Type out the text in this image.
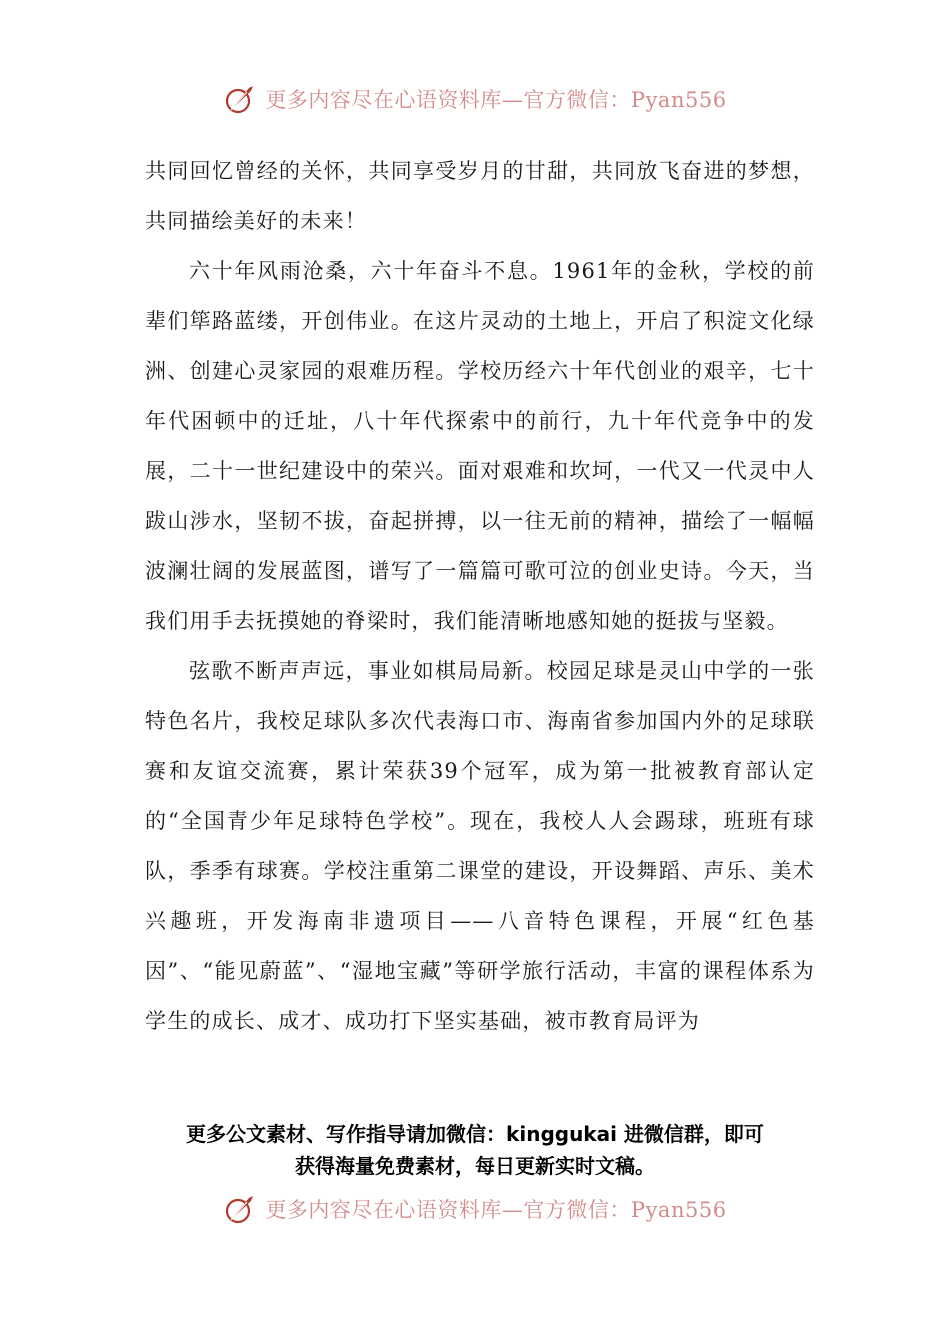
更多内容尽在心语资料库—官方微信：Pyan556

共同回忆曾经的关怀，共同享受岁月的甘甜，共同放飞奋进的梦想，共同描绘美好的未来！

六十年风雨沧桑，六十年奋斗不息。1961年的金秋，学校的前辈们筚路蓝缕，开创伟业。在这片灵动的土地上，开启了积淀文化绿洲、创建心灵家园的艰难历程。学校历经六十年代创业的艰辛，七十年代困顿中的迁址，八十年代探索中的前行，九十年代竞争中的发展，二十一世纪建设中的荣兴。面对艰难和坎坷，一代又一代灵中人跋山涉水，坚韧不拔，奋起拼搏，以一往无前的精神，描绘了一幅幅波澜壮阔的发展蓝图，谱写了一篇篇可歌可泣的创业史诗。今天，当我们用手去抚摸她的脊梁时，我们能清晰地感知她的挺拔与坚毅。

弦歌不断声声远，事业如棋局局新。校园足球是灵山中学的一张特色名片，我校足球队多次代表海口市、海南省参加国内外的足球联赛和友谊交流赛，累计荣获39个冠军，成为第一批被教育部认定的“全国青少年足球特色学校”。现在，我校人人会踢球，班班有球队，季季有球赛。学校注重第二课堂的建设，开设舞蹈、声乐、美术兴趣班，开发海南非遗项目——八音特色课程，开展“红色基因”、“能见蔚蓝”、“湿地宝藏”等研学旅行活动，丰富的课程体系为学生的成长、成才、成功打下坚实基础，被市教育局评为

更多公文素材、写作指导请加微信：kinggukai 进微信群，即可
获得海量免费素材，每日更新实时文稿。
更多内容尽在心语资料库—官方微信：Pyan556
